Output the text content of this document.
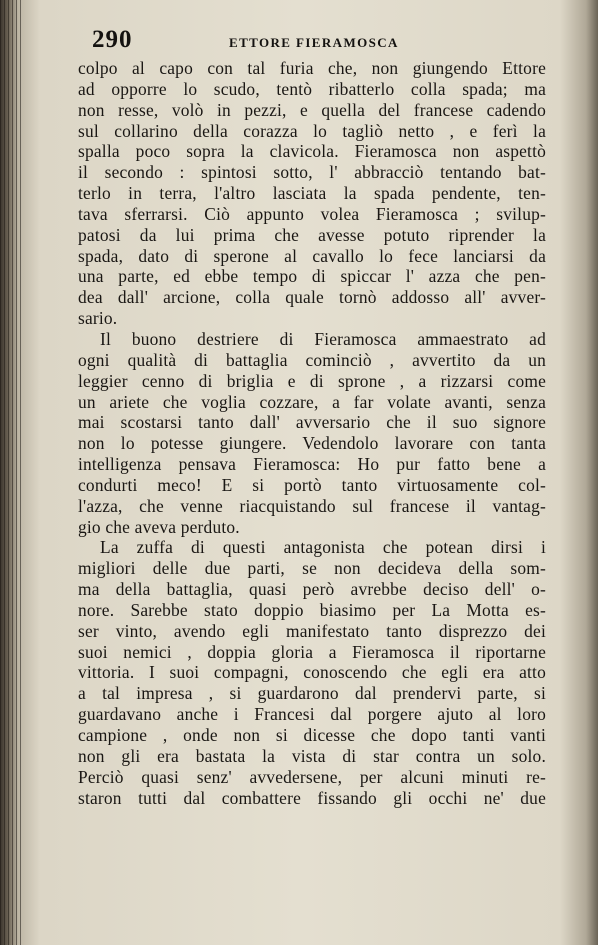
290	ETTORE FIERAMOSCA
colpo al capo con tal furia che, non giungendo Ettore
ad opporre lo scudo, tentò ribatterlo colla spada; ma
non resse, volò in pezzi, e quella del francese cadendo
sul collarino della corazza lo tagliò netto , e ferì la
spalla poco sopra la clavicola. Fieramosca non aspettò
il secondo : spintosi sotto, l' abbracciò tentando bat-
terlo in terra, l'altro lasciata la spada pendente, ten-
tava sferrarsi. Ciò appunto volea Fieramosca ; svilup-
patosi da lui prima che avesse potuto riprender la
spada, dato di sperone al cavallo lo fece lanciarsi da
una parte, ed ebbe tempo di spiccar l' azza che pen-
dea dall' arcione, colla quale tornò addosso all' avver-
sario.
Il buono destriere di Fieramosca ammaestrato ad
ogni qualità di battaglia cominciò , avvertito da un
leggier cenno di briglia e di sprone , a rizzarsi come
un ariete che voglia cozzare, a far volate avanti, senza
mai scostarsi tanto dall' avversario che il suo signore
non lo potesse giungere. Vedendolo lavorare con tanta
intelligenza pensava Fieramosca: Ho pur fatto bene a
condurti meco! E si portò tanto virtuosamente col-
l'azza, che venne riacquistando sul francese il vantag-
gio che aveva perduto.
La zuffa di questi antagonista che potean dirsi i
migliori delle due parti, se non decideva della som-
ma della battaglia, quasi però avrebbe deciso dell' o-
nore. Sarebbe stato doppio biasimo per La Motta es-
ser vinto, avendo egli manifestato tanto disprezzo dei
suoi nemici , doppia gloria a Fieramosca il riportarne
vittoria. I suoi compagni, conoscendo che egli era atto
a tal impresa , si guardarono dal prendervi parte, si
guardavano anche i Francesi dal porgere ajuto al loro
campione , onde non si dicesse che dopo tanti vanti
non gli era bastata la vista di star contra un solo.
Perciò quasi senz' avvedersene, per alcuni minuti re-
staron tutti dal combattere fissando gli occhi ne' due
